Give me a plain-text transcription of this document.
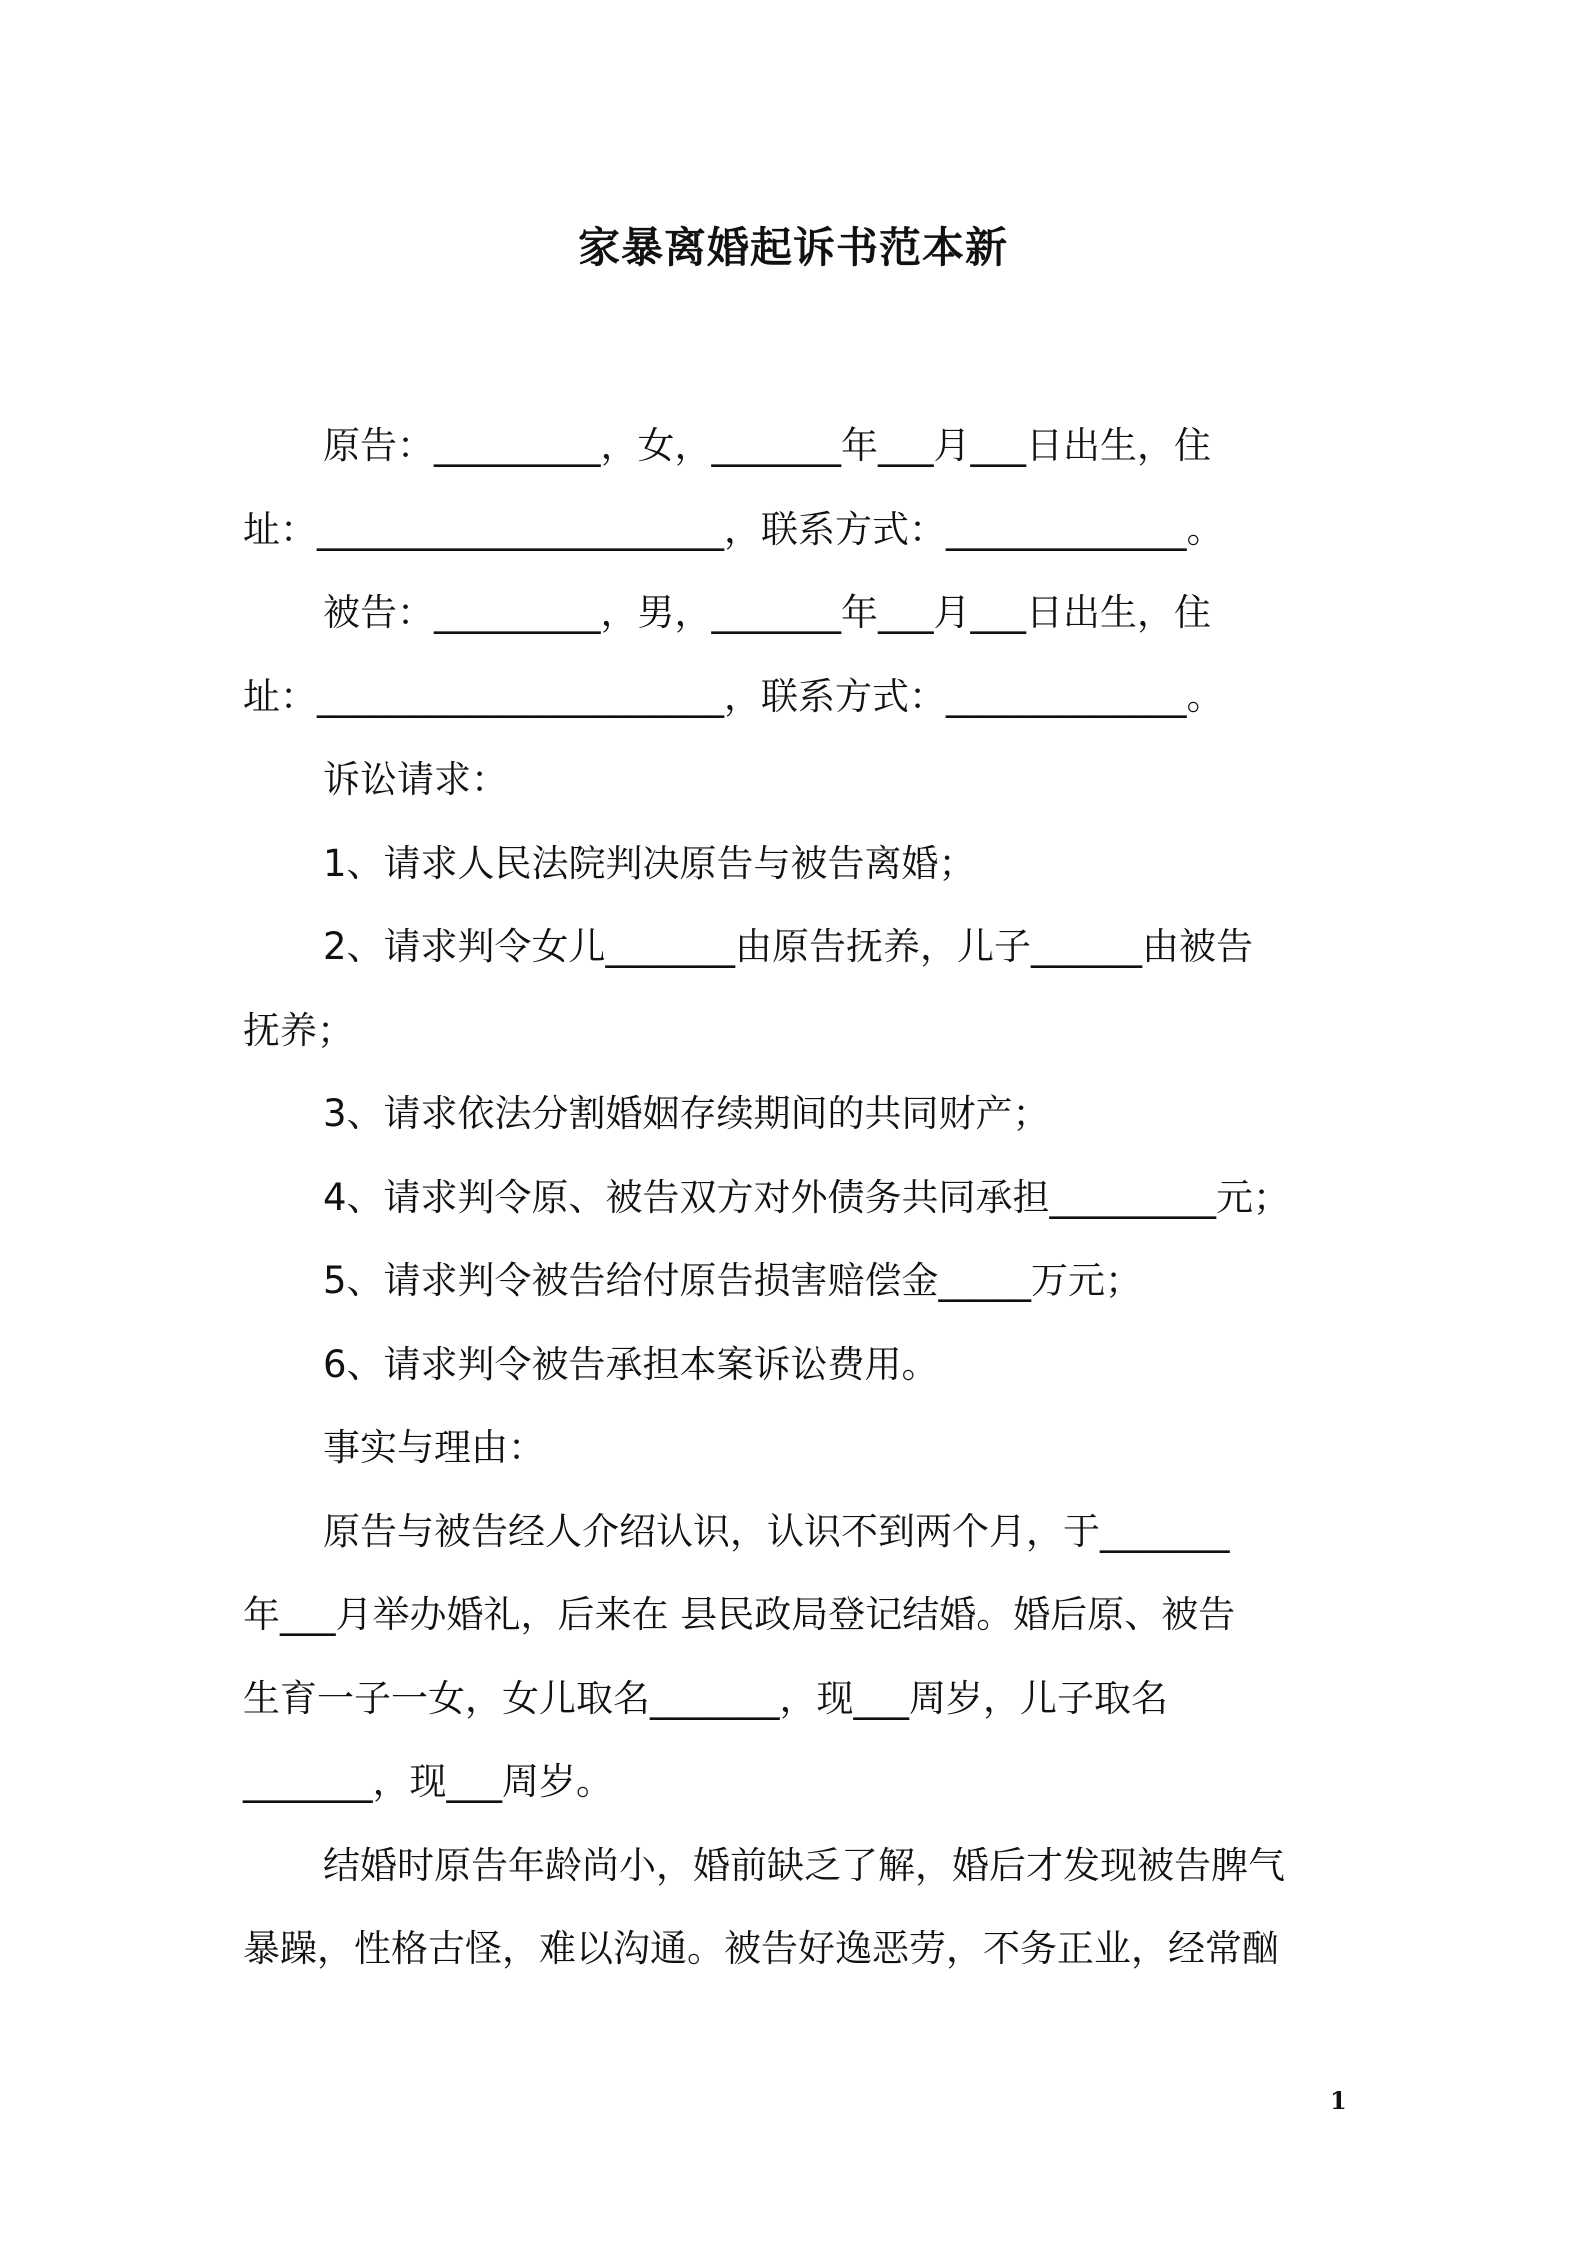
家暴离婚起诉书范本新
原告：_________，女，_______年___月___日出生，住
址：______________________，联系方式：_____________。
被告：_________，男，_______年___月___日出生，住
址：______________________，联系方式：_____________。
诉讼请求：
1、请求人民法院判决原告与被告离婚；
2、请求判令女儿_______由原告抚养，儿子______由被告
抚养；
3、请求依法分割婚姻存续期间的共同财产；
4、请求判令原、被告双方对外债务共同承担_________元；
5、请求判令被告给付原告损害赔偿金_____万元；
6、请求判令被告承担本案诉讼费用。
事实与理由：
原告与被告经人介绍认识，认识不到两个月，于_______
年___月举办婚礼，后来在 县民政局登记结婚。婚后原、被告
生育一子一女，女儿取名_______，现___周岁，儿子取名
_______，现___周岁。
结婚时原告年龄尚小，婚前缺乏了解，婚后才发现被告脾气
暴躁，性格古怪，难以沟通。被告好逸恶劳，不务正业，经常酗
1
